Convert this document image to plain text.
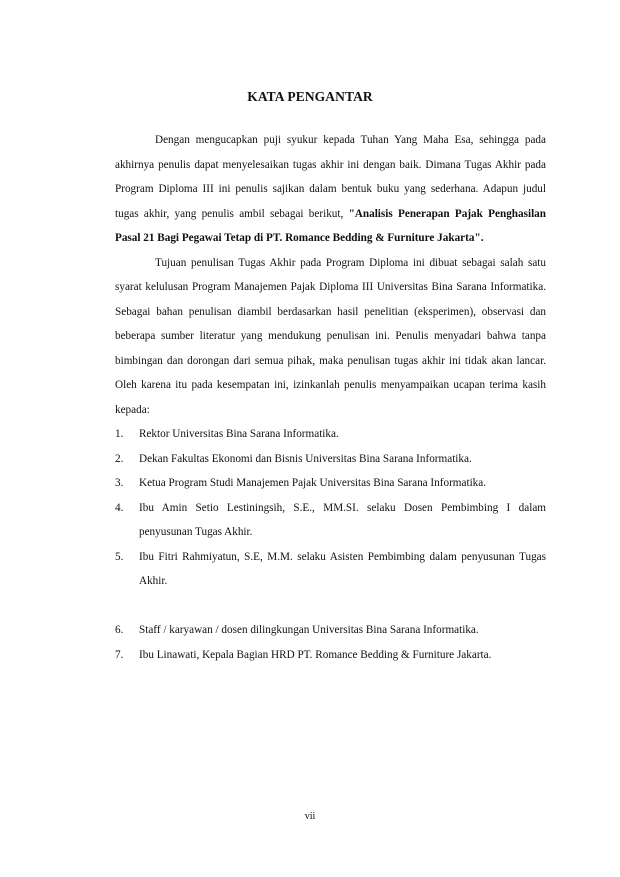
KATA PENGANTAR

Dengan mengucapkan puji syukur kepada Tuhan Yang Maha Esa, sehingga pada akhirnya penulis dapat menyelesaikan tugas akhir ini dengan baik. Dimana Tugas Akhir pada Program Diploma III ini penulis sajikan dalam bentuk buku yang sederhana. Adapun judul tugas akhir, yang penulis ambil sebagai berikut, "Analisis Penerapan Pajak Penghasilan Pasal 21 Bagi Pegawai Tetap di PT. Romance Bedding & Furniture Jakarta".

Tujuan penulisan Tugas Akhir pada Program Diploma ini dibuat sebagai salah satu syarat kelulusan Program Manajemen Pajak Diploma III Universitas Bina Sarana Informatika. Sebagai bahan penulisan diambil berdasarkan hasil penelitian (eksperimen), observasi dan beberapa sumber literatur yang mendukung penulisan ini. Penulis menyadari bahwa tanpa bimbingan dan dorongan dari semua pihak, maka penulisan tugas akhir ini tidak akan lancar. Oleh karena itu pada kesempatan ini, izinkanlah penulis menyampaikan ucapan terima kasih kepada:

1. Rektor Universitas Bina Sarana Informatika.
2. Dekan Fakultas Ekonomi dan Bisnis Universitas Bina Sarana Informatika.
3. Ketua Program Studi Manajemen Pajak Universitas Bina Sarana Informatika.
4. Ibu Amin Setio Lestiningsih, S.E., MM.SI. selaku Dosen Pembimbing I dalam penyusunan Tugas Akhir.
5. Ibu Fitri Rahmiyatun, S.E, M.M. selaku Asisten Pembimbing dalam penyusunan Tugas Akhir.
6. Staff / karyawan / dosen dilingkungan Universitas Bina Sarana Informatika.
7. Ibu Linawati, Kepala Bagian HRD PT. Romance Bedding & Furniture Jakarta.
vii
